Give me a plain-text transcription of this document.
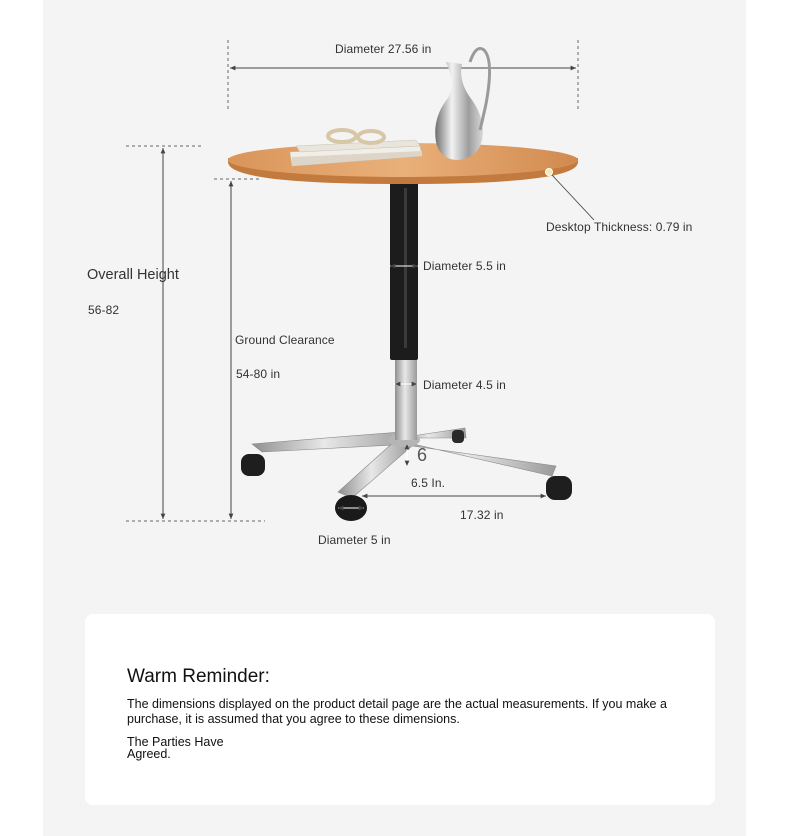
Diameter 27.56 in
Desktop Thickness: 0.79 in
Diameter 5.5 in
Overall Height
56-82
Ground Clearance
54-80 in
Diameter 4.5 in
6
6.5 In.
17.32 in
Diameter 5 in
Warm Reminder:
The dimensions displayed on the product detail page are the actual measurements. If you make a purchase, it is assumed that you agree to these dimensions.
The Parties Have Agreed.
